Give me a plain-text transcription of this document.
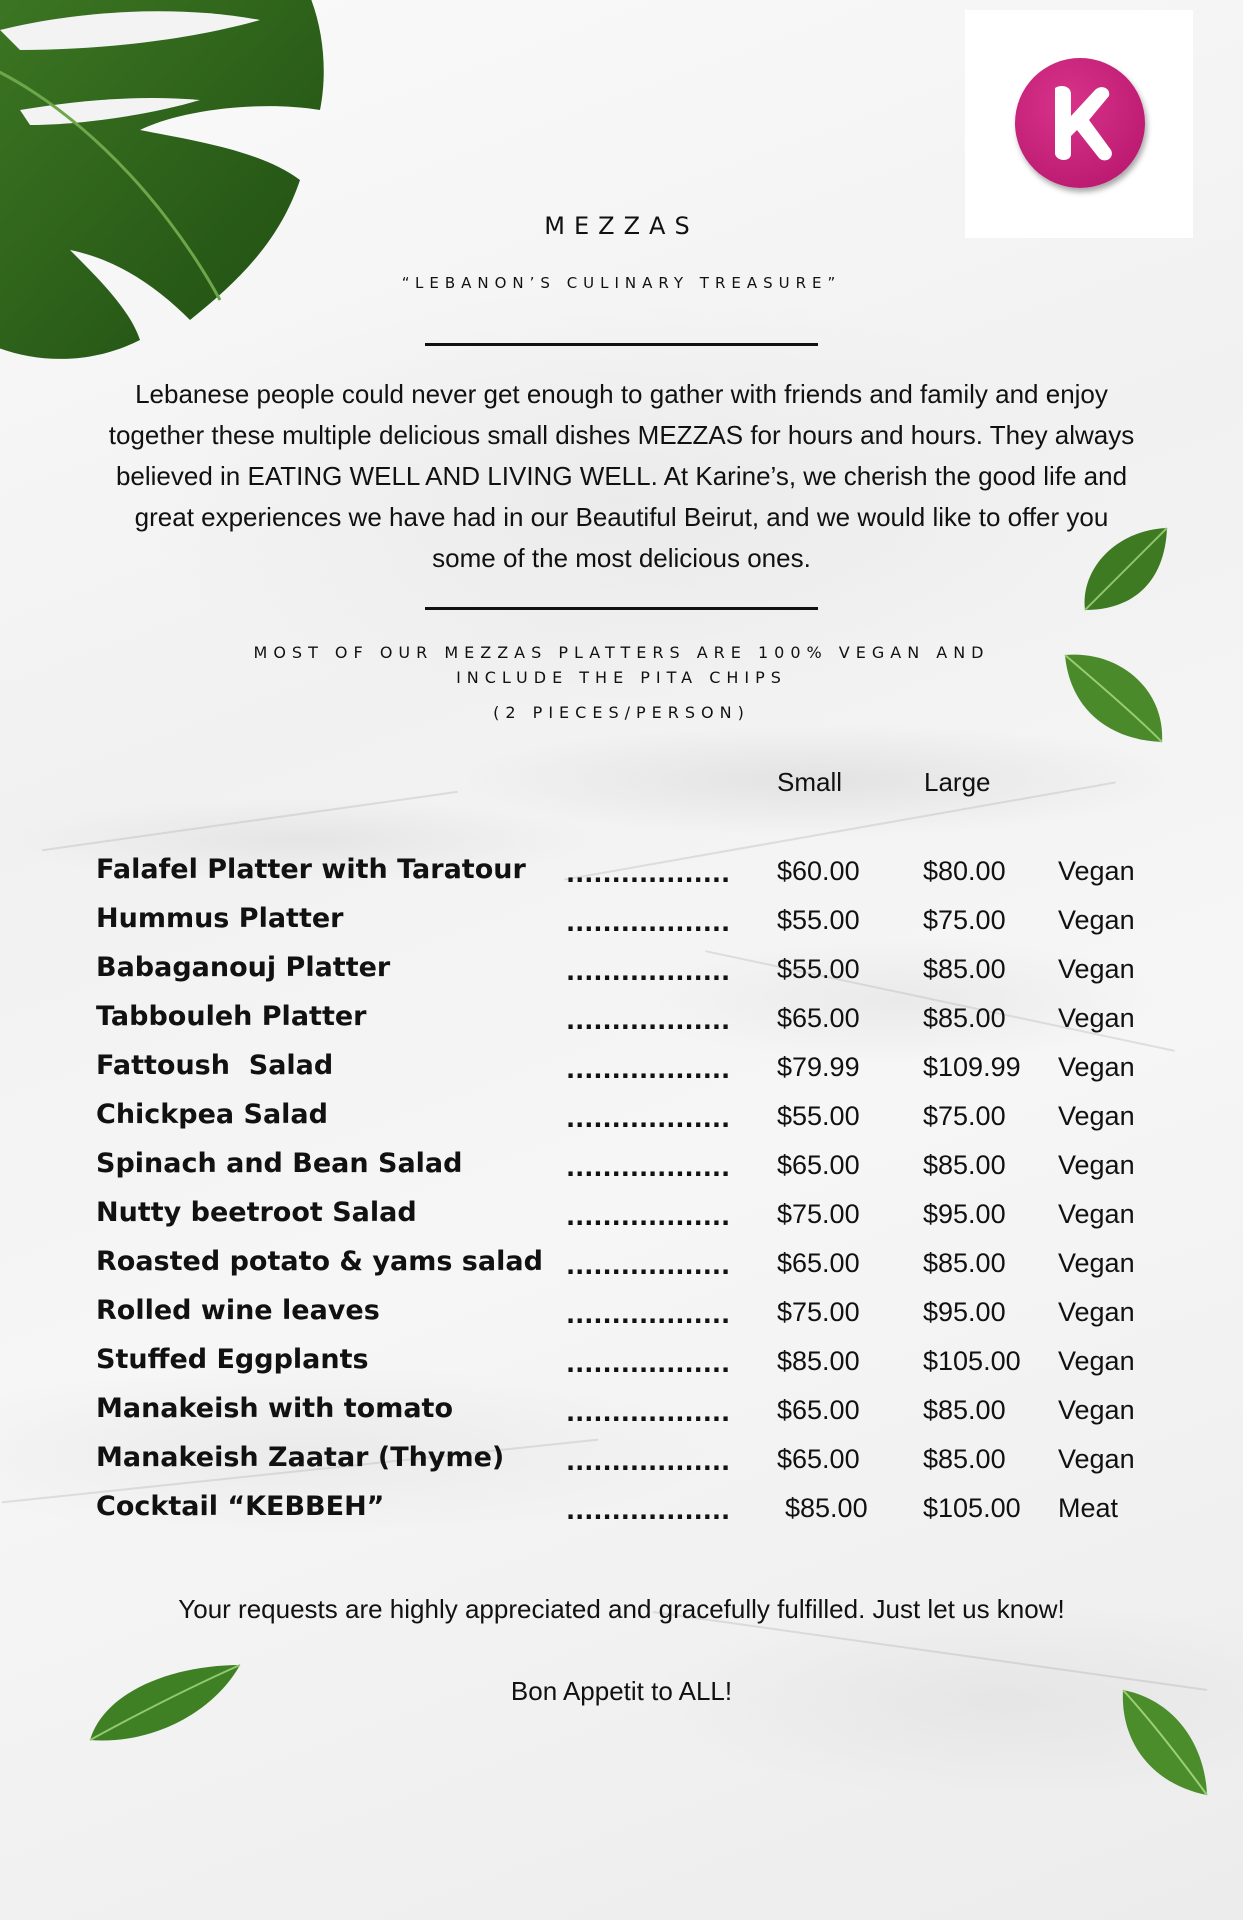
MEZZAS
“LEBANON’S CULINARY TREASURE”
Lebanese people could never get enough to gather with friends and family and enjoy together these multiple delicious small dishes MEZZAS for hours and hours. They always believed in EATING WELL AND LIVING WELL. At Karine’s, we cherish the good life and great experiences we have had in our Beautiful Beirut, and we would like to offer you some of the most delicious ones.
MOST OF OUR MEZZAS PLATTERS ARE 100% VEGAN AND
INCLUDE THE PITA CHIPS
(2 PIECES/PERSON)
Small	Large
Falafel Platter with Taratour .................. $60.00 $80.00 Vegan
Hummus Platter	.................. $55.00 $75.00 Vegan
Babaganouj Platter	.................. $55.00 $85.00 Vegan
Tabbouleh Platter	.................. $65.00 $85.00 Vegan
Fattoush  Salad	.................. $79.99 $109.99 Vegan
Chickpea Salad	.................. $55.00 $75.00 Vegan
Spinach and Bean Salad	.................. $65.00 $85.00 Vegan
Nutty beetroot Salad	.................. $75.00 $95.00 Vegan
Roasted potato & yams salad .................. $65.00 $85.00 Vegan
Rolled wine leaves	.................. $75.00 $95.00 Vegan
Stuffed Eggplants	.................. $85.00 $105.00 Vegan
Manakeish with tomato	.................. $65.00 $85.00 Vegan
Manakeish Zaatar (Thyme)	.................. $65.00 $85.00 Vegan
Cocktail “KEBBEH”	.................. $85.00 $105.00 Meat
Your requests are highly appreciated and gracefully fulfilled. Just let us know!
Bon Appetit to ALL!
